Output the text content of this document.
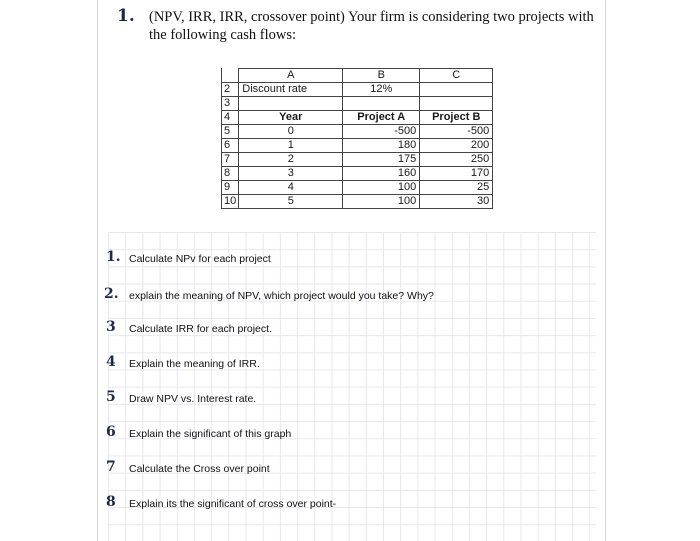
1. (NPV, IRR, IRR, crossover point) Your firm is considering two projects with the following cash flows:
	A	B	C
2	Discount rate	12%	
3			
4	Year	Project A	Project B
5	0	-500	-500
6	1	180	200
7	2	175	250
8	3	160	170
9	4	100	25
10	5	100	30
1. Calculate NPv for each project
2. explain the meaning of NPV, which project would you take? Why?
3 Calculate IRR for each project.
4 Explain the meaning of IRR.
5 Draw NPV vs. Interest rate.
6 Explain the significant of this graph
7 Calculate the Cross over point
8 Explain its the significant of cross over point-
